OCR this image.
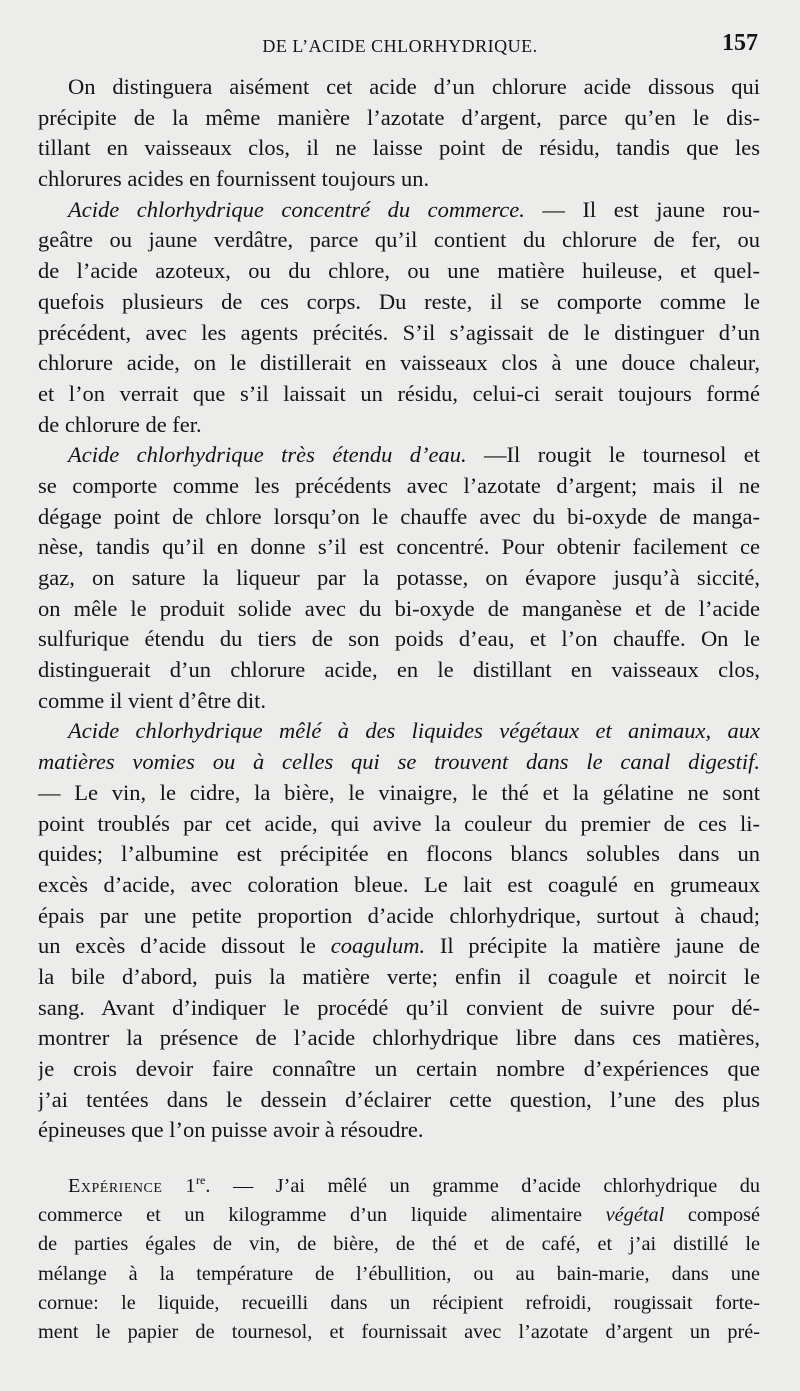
DE L’ACIDE CHLORHYDRIQUE.	157
On distinguera aisément cet acide d’un chlorure acide dissous qui
précipite de la même manière l’azotate d’argent, parce qu’en le dis-
tillant en vaisseaux clos, il ne laisse point de résidu, tandis que les
chlorures acides en fournissent toujours un.
Acide chlorhydrique concentré du commerce. — Il est jaune rou-
geâtre ou jaune verdâtre, parce qu’il contient du chlorure de fer, ou
de l’acide azoteux, ou du chlore, ou une matière huileuse, et quel-
quefois plusieurs de ces corps. Du reste, il se comporte comme le
précédent, avec les agents précités. S’il s’agissait de le distinguer d’un
chlorure acide, on le distillerait en vaisseaux clos à une douce chaleur,
et l’on verrait que s’il laissait un résidu, celui-ci serait toujours formé
de chlorure de fer.
Acide chlorhydrique très étendu d’eau. —Il rougit le tournesol et
se comporte comme les précédents avec l’azotate d’argent; mais il ne
dégage point de chlore lorsqu’on le chauffe avec du bi-oxyde de manga-
nèse, tandis qu’il en donne s’il est concentré. Pour obtenir facilement ce
gaz, on sature la liqueur par la potasse, on évapore jusqu’à siccité,
on mêle le produit solide avec du bi-oxyde de manganèse et de l’acide
sulfurique étendu du tiers de son poids d’eau, et l’on chauffe. On le
distinguerait d’un chlorure acide, en le distillant en vaisseaux clos,
comme il vient d’être dit.
Acide chlorhydrique mêlé à des liquides végétaux et animaux, aux
matières vomies ou à celles qui se trouvent dans le canal digestif.
— Le vin, le cidre, la bière, le vinaigre, le thé et la gélatine ne sont
point troublés par cet acide, qui avive la couleur du premier de ces li-
quides; l’albumine est précipitée en flocons blancs solubles dans un
excès d’acide, avec coloration bleue. Le lait est coagulé en grumeaux
épais par une petite proportion d’acide chlorhydrique, surtout à chaud;
un excès d’acide dissout le coagulum. Il précipite la matière jaune de
la bile d’abord, puis la matière verte; enfin il coagule et noircit le
sang. Avant d’indiquer le procédé qu’il convient de suivre pour dé-
montrer la présence de l’acide chlorhydrique libre dans ces matières,
je crois devoir faire connaître un certain nombre d’expériences que
j’ai tentées dans le dessein d’éclairer cette question, l’une des plus
épineuses que l’on puisse avoir à résoudre.
Expérience 1re. — J’ai mêlé un gramme d’acide chlorhydrique du
commerce et un kilogramme d’un liquide alimentaire végétal composé
de parties égales de vin, de bière, de thé et de café, et j’ai distillé le
mélange à la température de l’ébullition, ou au bain-marie, dans une
cornue: le liquide, recueilli dans un récipient refroidi, rougissait forte-
ment le papier de tournesol, et fournissait avec l’azotate d’argent un pré-
